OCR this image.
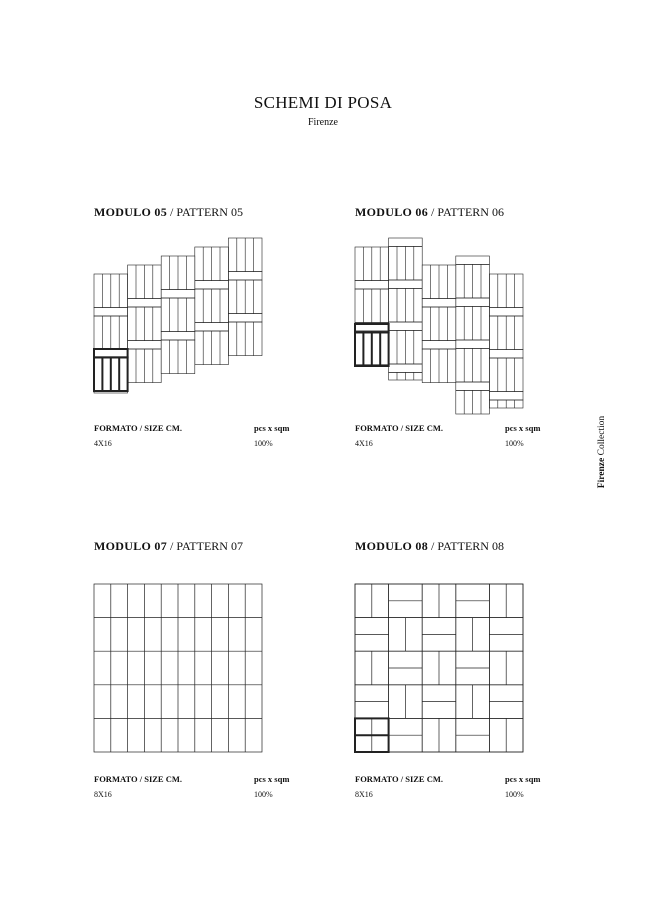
SCHEMI DI POSA
Firenze
MODULO 05 / PATTERN 05
FORMATO / SIZE CM.	pcs x sqm
4X16	100%
MODULO 06 / PATTERN 06
FORMATO / SIZE CM.	pcs x sqm
4X16	100%
MODULO 07 / PATTERN 07
FORMATO / SIZE CM.	pcs x sqm
8X16	100%
MODULO 08 / PATTERN 08
FORMATO / SIZE CM.	pcs x sqm
8X16	100%
Firenze Collection
